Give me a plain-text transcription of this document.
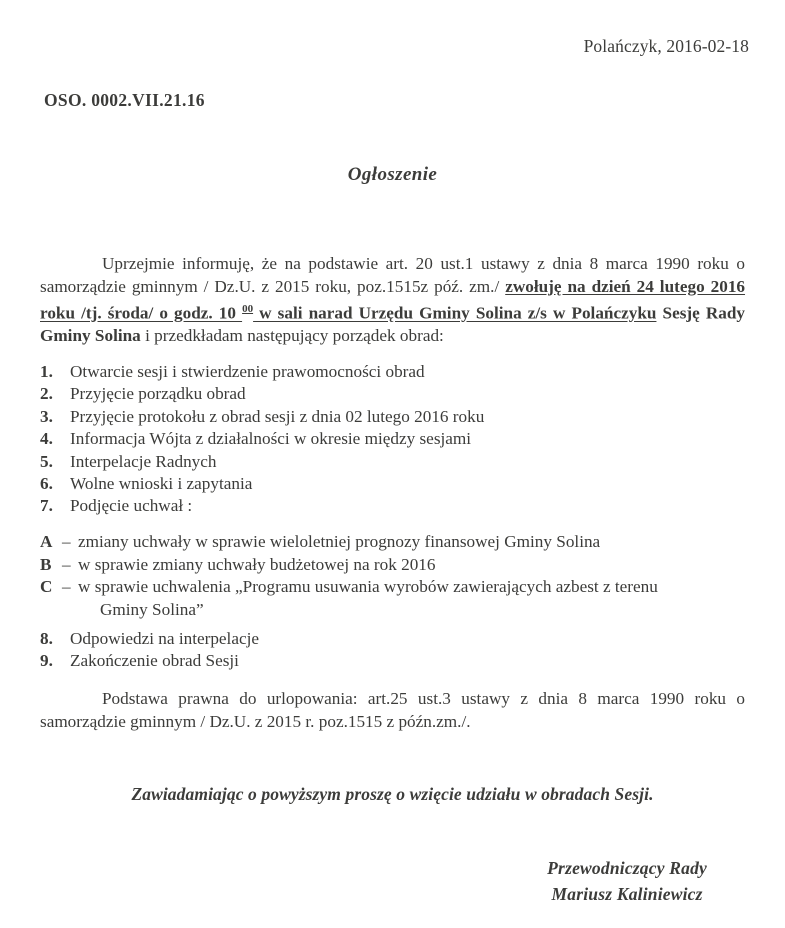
Polańczyk, 2016-02-18
OSO. 0002.VII.21.16
Ogłoszenie
Uprzejmie informuję, że na podstawie art. 20 ust.1 ustawy z dnia 8 marca 1990 roku o samorządzie gminnym / Dz.U. z 2015 roku, poz.1515z póź. zm./ zwołuję na dzień 24 lutego 2016 roku /tj. środa/ o godz. 10 $^{00}$ w sali narad Urzędu Gminy Solina z/s w Polańczyku Sesję Rady Gminy Solina i przedkładam następujący porządek obrad:
1. Otwarcie sesji i stwierdzenie prawomocności obrad
2. Przyjęcie porządku obrad
3. Przyjęcie protokołu z obrad sesji z dnia 02 lutego 2016 roku
4. Informacja Wójta z działalności w okresie między sesjami
5. Interpelacje Radnych
6. Wolne wnioski i zapytania
7. Podjęcie uchwał :
A – zmiany uchwały w sprawie wieloletniej prognozy finansowej Gminy Solina
B – w sprawie zmiany uchwały budżetowej na rok 2016
C – w sprawie uchwalenia „Programu usuwania wyrobów zawierających azbest z terenu
Gminy Solina”
8. Odpowiedzi na interpelacje
9. Zakończenie obrad Sesji
Podstawa prawna do urlopowania: art.25 ust.3 ustawy z dnia 8 marca 1990 roku o samorządzie gminnym / Dz.U. z 2015 r. poz.1515 z późn.zm./.
Zawiadamiając o powyższym proszę o wzięcie udziału w obradach Sesji.
Przewodniczący Rady
Mariusz Kaliniewicz
